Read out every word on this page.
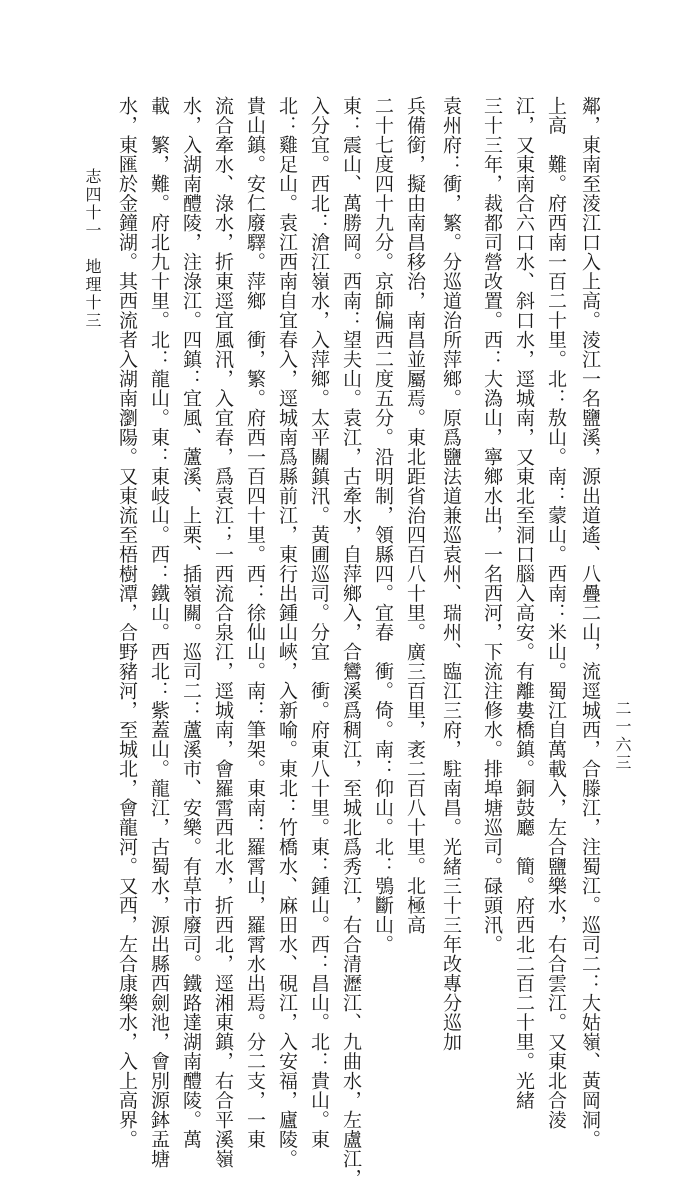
鄰，東南至淩江口入上高。淩江一名鹽溪，源出道遙、八疊二山，流逕城西，合滕江，注蜀江。巡司二：大姑嶺、黃岡洞。
上高　難。府西南一百二十里。北：敖山。南：蒙山。西南：米山。蜀江自萬載入，左合鹽樂水，右合雲江。又東北合淩
江，又東南合六口水、斜口水，逕城南，又東北至洞口腦入高安。有離婁橋鎮。銅鼓廳　簡。府西北二百二十里。光緒
三十三年，裁都司營改置。西：大溈山，寧鄉水出，一名西河，下流注修水。排埠塘巡司。碌頭汛。
袁州府：衝，繁。分巡道治所萍鄉。原爲鹽法道兼巡袁州、瑞州、臨江三府，駐南昌。光緒三十三年改專分巡加
兵備銜，擬由南昌移治，南昌並屬焉。東北距省治四百八十里。廣三百里，袤二百八十里。北極高
二十七度四十九分。京師偏西二度五分。沿明制，領縣四。宜春　衝。倚。南：仰山。北：鴞斷山。
東：震山、萬勝岡。西南：望夫山。袁江，古牽水，自萍鄉入，合鸞溪爲稠江，至城北爲秀江，右合清瀝江、九曲水，左盧江，
入分宜。西北：滄江嶺水，入萍鄉。太平關鎮汛。黃圃巡司。分宜　衝。府東八十里。東：鍾山。西：昌山。北：貴山。東
北：雞足山。袁江西南自宜春入，逕城南爲縣前江，東行出鍾山峽，入新喻。東北：竹橋水、麻田水、硯江，入安福，廬陵。
貴山鎮。安仁廢驛。萍鄉　衝，繁。府西一百四十里。西：徐仙山。南：筆架。東南：羅霄山，羅霄水出焉。分二支，一東
流合牽水、淥水，折東逕宜風汛，入宜春，爲袁江；一西流合泉江，逕城南，會羅霄西北水，折西北，逕湘東鎮，右合平溪嶺
水，入湖南醴陵，注淥江。四鎮：宜風、蘆溪、上栗、插嶺關。巡司二：蘆溪市、安樂。有草市廢司。鐵路達湖南醴陵。萬
載　繁，難。府北九十里。北：龍山。東：東岐山。西：鐵山。西北：紫蓋山。龍江，古蜀水，源出縣西劍池，會別源鉢盂塘
水，東匯於金鐘湖。其西流者入湖南瀏陽。又東流至梧樹潭，合野豬河，至城北，會龍河。又西，左合康樂水，入上高界。	二一六三
志四十一　地理十三
